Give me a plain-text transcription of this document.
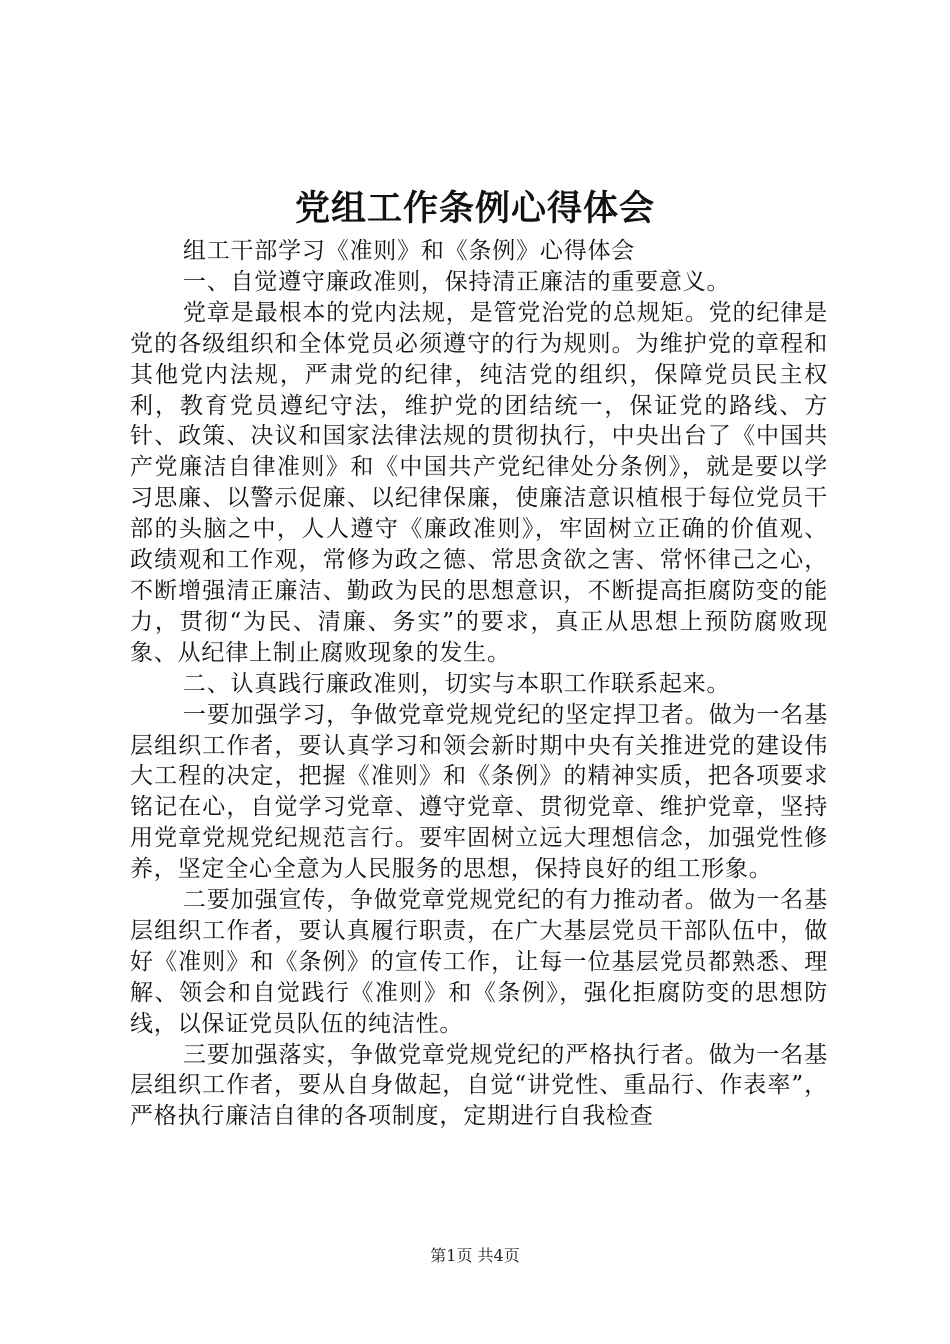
党组工作条例心得体会

组工干部学习《准则》和《条例》心得体会

一、自觉遵守廉政准则，保持清正廉洁的重要意义。

党章是最根本的党内法规，是管党治党的总规矩。党的纪律是党的各级组织和全体党员必须遵守的行为规则。为维护党的章程和其他党内法规，严肃党的纪律，纯洁党的组织，保障党员民主权利，教育党员遵纪守法，维护党的团结统一，保证党的路线、方针、政策、决议和国家法律法规的贯彻执行，中央出台了《中国共产党廉洁自律准则》和《中国共产党纪律处分条例》，就是要以学习思廉、以警示促廉、以纪律保廉，使廉洁意识植根于每位党员干部的头脑之中，人人遵守《廉政准则》，牢固树立正确的价值观、政绩观和工作观，常修为政之德、常思贪欲之害、常怀律己之心，不断增强清正廉洁、勤政为民的思想意识，不断提高拒腐防变的能力，贯彻“为民、清廉、务实”的要求，真正从思想上预防腐败现象、从纪律上制止腐败现象的发生。

二、认真践行廉政准则，切实与本职工作联系起来。

一要加强学习，争做党章党规党纪的坚定捍卫者。做为一名基层组织工作者，要认真学习和领会新时期中央有关推进党的建设伟大工程的决定，把握《准则》和《条例》的精神实质，把各项要求铭记在心，自觉学习党章、遵守党章、贯彻党章、维护党章，坚持用党章党规党纪规范言行。要牢固树立远大理想信念，加强党性修养，坚定全心全意为人民服务的思想，保持良好的组工形象。

二要加强宣传，争做党章党规党纪的有力推动者。做为一名基层组织工作者，要认真履行职责，在广大基层党员干部队伍中，做好《准则》和《条例》的宣传工作，让每一位基层党员都熟悉、理解、领会和自觉践行《准则》和《条例》，强化拒腐防变的思想防线，以保证党员队伍的纯洁性。

三要加强落实，争做党章党规党纪的严格执行者。做为一名基层组织工作者，要从自身做起，自觉“讲党性、重品行、作表率”，严格执行廉洁自律的各项制度，定期进行自我检查

第1页 共4页
